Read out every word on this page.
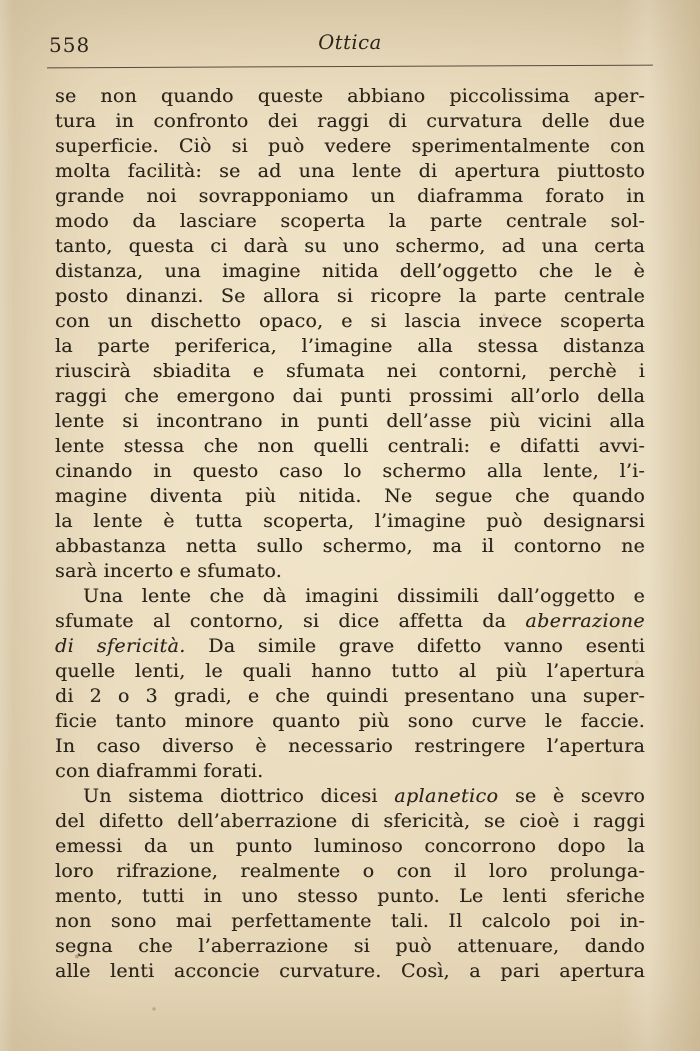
558	Ottica
se non quando queste abbiano piccolissima aper-
tura in confronto dei raggi di curvatura delle due
superficie. Ciò si può vedere sperimentalmente con
molta facilità: se ad una lente di apertura piuttosto
grande noi sovrapponiamo un diaframma forato in
modo da lasciare scoperta la parte centrale sol-
tanto, questa ci darà su uno schermo, ad una certa
distanza, una imagine nitida dell’oggetto che le è
posto dinanzi. Se allora si ricopre la parte centrale
con un dischetto opaco, e si lascia invece scoperta
la parte periferica, l’imagine alla stessa distanza
riuscirà sbiadita e sfumata nei contorni, perchè i
raggi che emergono dai punti prossimi all’orlo della
lente si incontrano in punti dell’asse più vicini alla
lente stessa che non quelli centrali: e difatti avvi-
cinando in questo caso lo schermo alla lente, l’i-
magine diventa più nitida. Ne segue che quando
la lente è tutta scoperta, l’imagine può designarsi
abbastanza netta sullo schermo, ma il contorno ne
sarà incerto e sfumato.
Una lente che dà imagini dissimili dall’oggetto e
sfumate al contorno, si dice affetta da aberrazione
di sfericità. Da simile grave difetto vanno esenti
quelle lenti, le quali hanno tutto al più l’apertura
di 2 o 3 gradi, e che quindi presentano una super-
ficie tanto minore quanto più sono curve le faccie.
In caso diverso è necessario restringere l’apertura
con diaframmi forati.
Un sistema diottrico dicesi aplanetico se è scevro
del difetto dell’aberrazione di sfericità, se cioè i raggi
emessi da un punto luminoso concorrono dopo la
loro rifrazione, realmente o con il loro prolunga-
mento, tutti in uno stesso punto. Le lenti sferiche
non sono mai perfettamente tali. Il calcolo poi in-
segna che l’aberrazione si può attenuare, dando
alle lenti acconcie curvature. Così, a pari apertura
